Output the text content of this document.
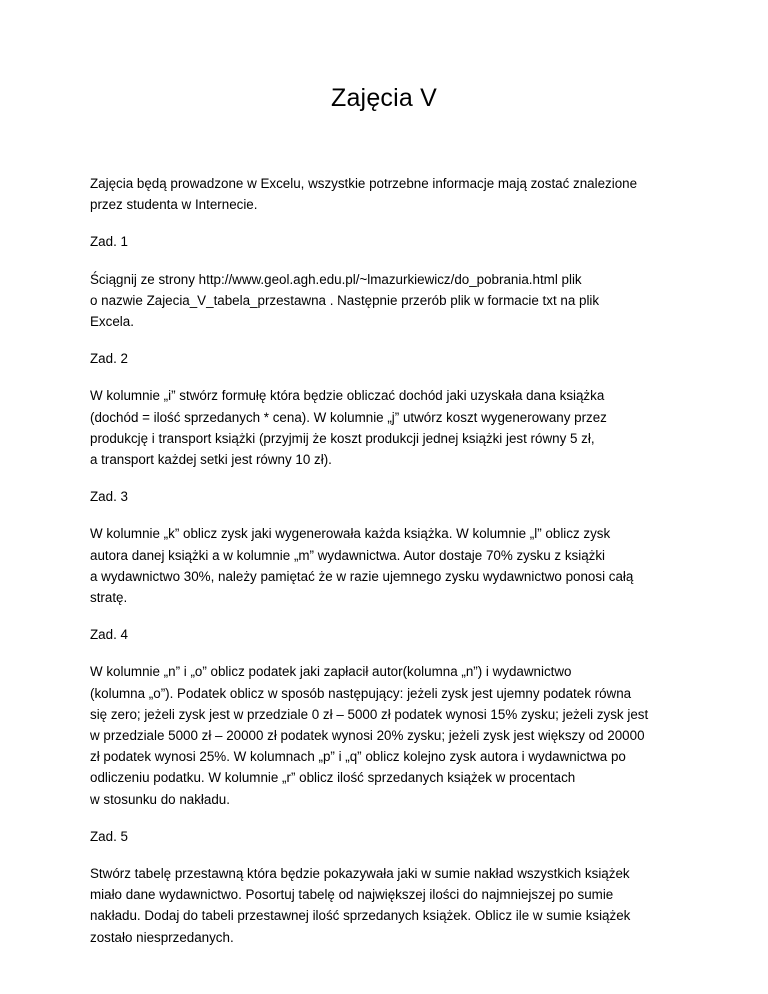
Zajęcia V

Zajęcia będą prowadzone w Excelu, wszystkie potrzebne informacje mają zostać znalezione
przez studenta w Internecie.

Zad. 1

Ściągnij ze strony http://www.geol.agh.edu.pl/~lmazurkiewicz/do_pobrania.html plik
o nazwie Zajecia_V_tabela_przestawna . Następnie przerób plik w formacie txt na plik
Excela.

Zad. 2

W kolumnie „i” stwórz formułę która będzie obliczać dochód jaki uzyskała dana książka
(dochód = ilość sprzedanych * cena). W kolumnie „j” utwórz koszt wygenerowany przez
produkcję i transport książki (przyjmij że koszt produkcji jednej książki jest równy 5 zł,
a transport każdej setki jest równy 10 zł).

Zad. 3

W kolumnie „k” oblicz zysk jaki wygenerowała każda książka. W kolumnie „l” oblicz zysk
autora danej książki a w kolumnie „m” wydawnictwa. Autor dostaje 70% zysku z książki
a wydawnictwo 30%, należy pamiętać że w razie ujemnego zysku wydawnictwo ponosi całą
stratę.

Zad. 4

W kolumnie „n” i „o” oblicz podatek jaki zapłacił autor(kolumna „n”) i wydawnictwo
(kolumna „o”). Podatek oblicz w sposób następujący: jeżeli zysk jest ujemny podatek równa
się zero; jeżeli zysk jest w przedziale 0 zł – 5000 zł podatek wynosi 15% zysku; jeżeli zysk jest
w przedziale 5000 zł – 20000 zł podatek wynosi 20% zysku; jeżeli zysk jest większy od 20000
zł podatek wynosi 25%. W kolumnach „p” i „q” oblicz kolejno zysk autora i wydawnictwa po
odliczeniu podatku. W kolumnie „r” oblicz ilość sprzedanych książek w procentach
w stosunku do nakładu.

Zad. 5

Stwórz tabelę przestawną która będzie pokazywała jaki w sumie nakład wszystkich książek
miało dane wydawnictwo. Posortuj tabelę od największej ilości do najmniejszej po sumie
nakładu. Dodaj do tabeli przestawnej ilość sprzedanych książek. Oblicz ile w sumie książek
zostało niesprzedanych.
